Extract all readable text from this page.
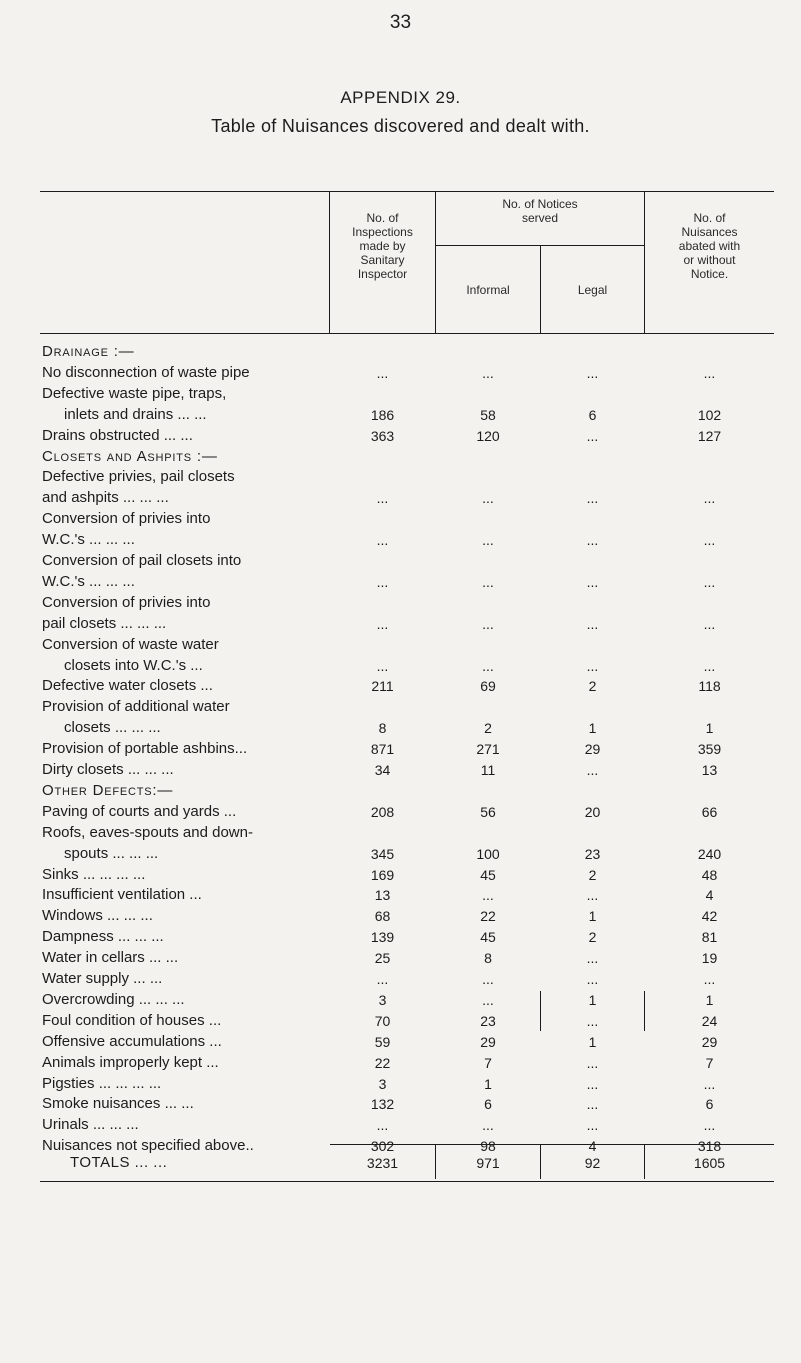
33
APPENDIX 29.
Table of Nuisances discovered and dealt with.
No. of
Inspections
made by
Sanitary
Inspector
No. of Notices
served
Informal	Legal
No. of
Nuisances
abated with
or without
Notice.
Drainage :—
No disconnection of waste pipe	...	...	...	...
Defective waste pipe, traps,
inlets and drains ... ...	186	58	6	102
Drains obstructed ... ...	363	120	...	127
Closets and Ashpits :—
Defective privies, pail closets
and ashpits ... ... ...	...	...	...	...
Conversion of privies into
W.C.'s ... ... ...	...	...	...	...
Conversion of pail closets into
W.C.'s ... ... ...	...	...	...	...
Conversion of privies into
pail closets ... ... ...	...	...	...	...
Conversion of waste water
closets into W.C.'s ...	...	...	...	...
Defective water closets ...	211	69	2	118
Provision of additional water
closets ... ... ...	8	2	1	1
Provision of portable ashbins...	871	271	29	359
Dirty closets ... ... ...	34	11	...	13
Other Defects:—
Paving of courts and yards ...	208	56	20	66
Roofs, eaves-spouts and down-
spouts ... ... ...	345	100	23	240
Sinks ... ... ... ...	169	45	2	48
Insufficient ventilation ...	13	...	...	4
Windows ... ... ...	68	22	1	42
Dampness ... ... ...	139	45	2	81
Water in cellars ... ...	25	8	...	19
Water supply ... ...	...	...	...	...
Overcrowding ... ... ...	3	...	1	1
Foul condition of houses ...	70	23	...	24
Offensive accumulations ...	59	29	1	29
Animals improperly kept ...	22	7	...	7
Pigsties ... ... ... ...	3	1	...	...
Smoke nuisances ... ...	132	6	...	6
Urinals ... ... ...	...	...	...	...
Nuisances not specified above..	302	98	4	318
TOTALS ... ...	3231	971	92	1605
